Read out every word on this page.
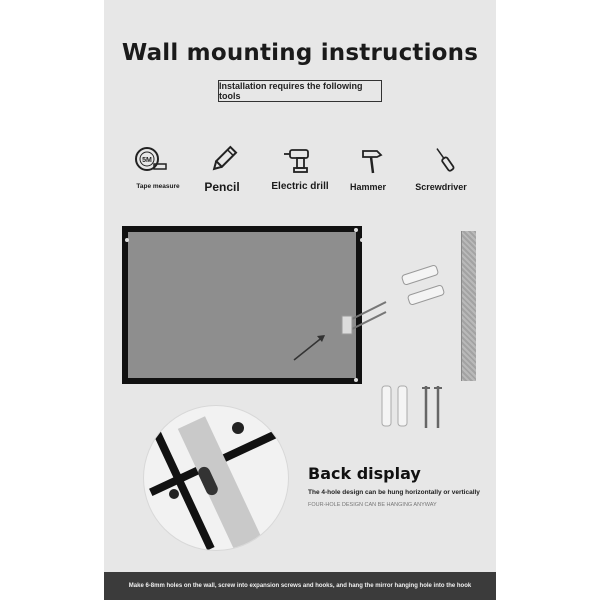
Wall mounting instructions
Installation requires the following tools
5M
Tape measure Pencil	Electric drill Hammer	Screwdriver
Back display
The 4-hole design can be hung horizontally or vertically
FOUR-HOLE DESIGN CAN BE HANGING ANYWAY
Make 6-8mm holes on the wall, screw into expansion screws and hooks, and hang the mirror hanging hole into the hook
